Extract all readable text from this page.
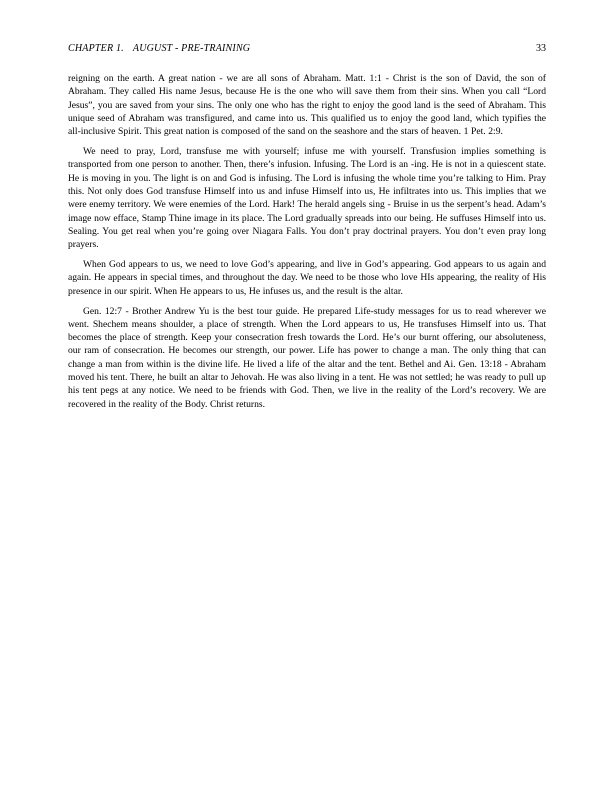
CHAPTER 1. AUGUST - PRE-TRAINING	33

reigning on the earth. A great nation - we are all sons of Abraham. Matt. 1:1 - Christ is the son of David, the son of Abraham. They called His name Jesus, because He is the one who will save them from their sins. When you call “Lord Jesus”, you are saved from your sins. The only one who has the right to enjoy the good land is the seed of Abraham. This unique seed of Abraham was transfigured, and came into us. This qualified us to enjoy the good land, which typifies the all-inclusive Spirit. This great nation is composed of the sand on the seashore and the stars of heaven. 1 Pet. 2:9.

We need to pray, Lord, transfuse me with yourself; infuse me with yourself. Transfusion implies something is transported from one person to another. Then, there’s infusion. Infusing. The Lord is an -ing. He is not in a quiescent state. He is moving in you. The light is on and God is infusing. The Lord is infusing the whole time you’re talking to Him. Pray this. Not only does God transfuse Himself into us and infuse Himself into us, He infiltrates into us. This implies that we were enemy territory. We were enemies of the Lord. Hark! The herald angels sing - Bruise in us the serpent’s head. Adam’s image now efface, Stamp Thine image in its place. The Lord gradually spreads into our being. He suffuses Himself into us. Sealing. You get real when you’re going over Niagara Falls. You don’t pray doctrinal prayers. You don’t even pray long prayers.

When God appears to us, we need to love God’s appearing, and live in God’s appearing. God appears to us again and again. He appears in special times, and throughout the day. We need to be those who love HIs appearing, the reality of His presence in our spirit. When He appears to us, He infuses us, and the result is the altar.

Gen. 12:7 - Brother Andrew Yu is the best tour guide. He prepared Life-study messages for us to read wherever we went. Shechem means shoulder, a place of strength. When the Lord appears to us, He transfuses Himself into us. That becomes the place of strength. Keep your consecration fresh towards the Lord. He’s our burnt offering, our absoluteness, our ram of consecration. He becomes our strength, our power. Life has power to change a man. The only thing that can change a man from within is the divine life. He lived a life of the altar and the tent. Bethel and Ai. Gen. 13:18 - Abraham moved his tent. There, he built an altar to Jehovah. He was also living in a tent. He was not settled; he was ready to pull up his tent pegs at any notice. We need to be friends with God. Then, we live in the reality of the Lord’s recovery. We are recovered in the reality of the Body. Christ returns.
